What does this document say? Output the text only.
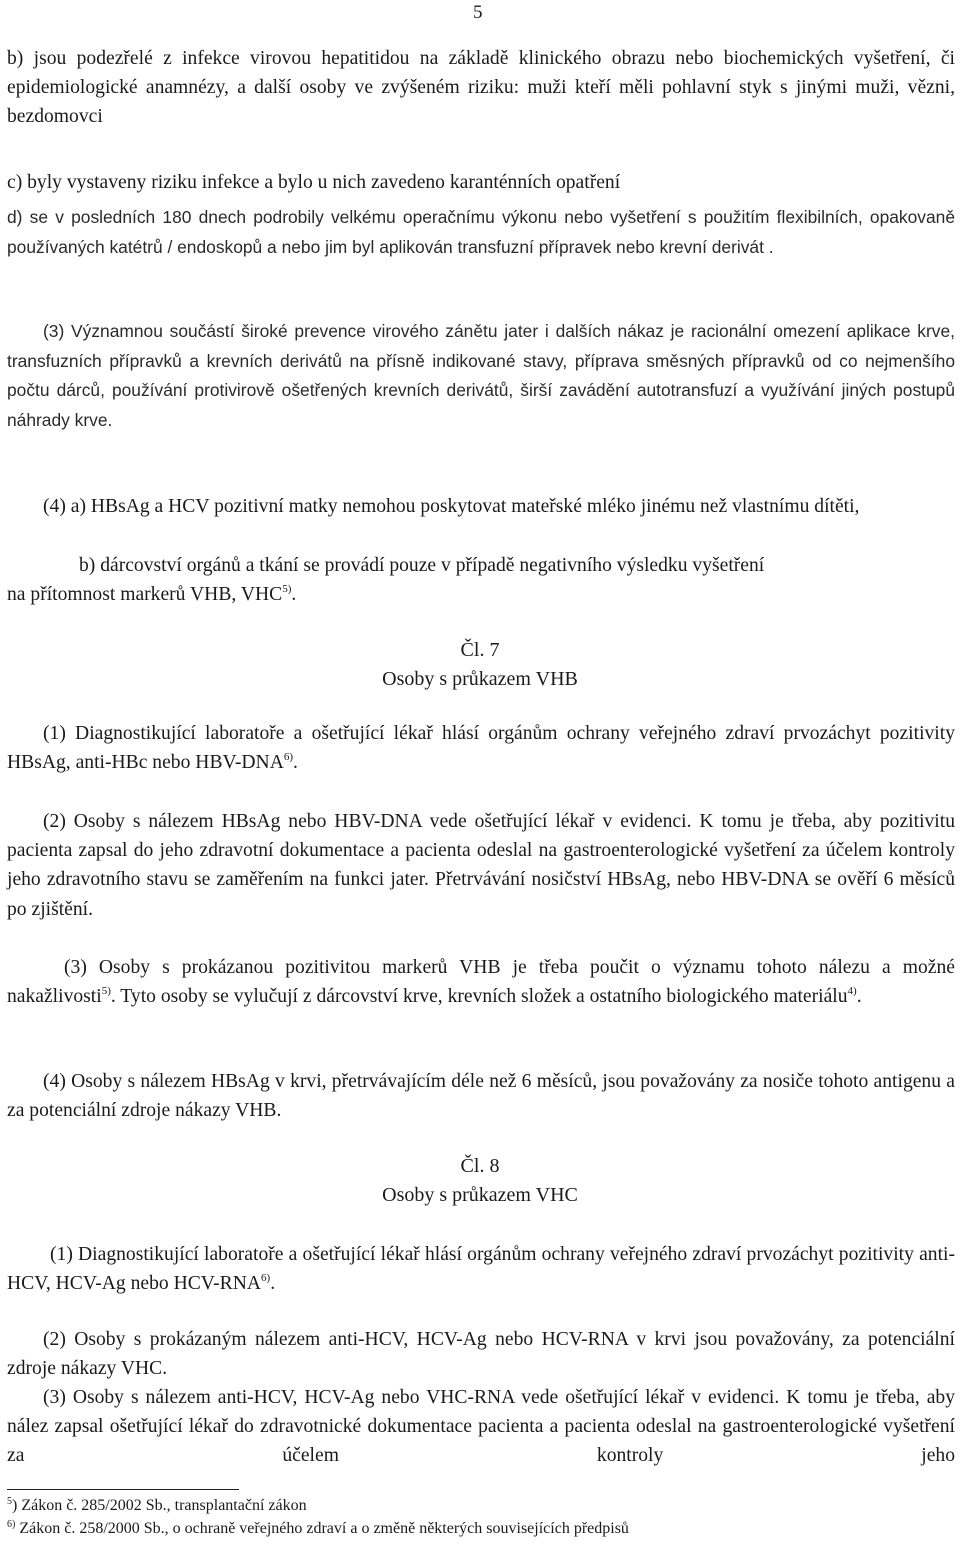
5

b) jsou podezřelé z infekce virovou hepatitidou na základě klinického obrazu nebo biochemických vyšetření, či epidemiologické anamnézy, a další osoby ve zvýšeném riziku: muži kteří měli pohlavní styk s jinými muži, vězni, bezdomovci

c) byly vystaveny riziku infekce a bylo u nich zavedeno karanténních opatření

d) se v posledních 180 dnech podrobily velkému operačnímu výkonu nebo vyšetření s použitím flexibilních, opakovaně používaných katétrů / endoskopů a nebo jim byl aplikován transfuzní přípravek nebo krevní derivát .

(3) Významnou součástí široké prevence virového zánětu jater i dalších nákaz je racionální omezení aplikace krve, transfuzních přípravků a krevních derivátů na přísně indikované stavy, příprava směsných přípravků od co nejmenšího počtu dárců, používání protivirově ošetřených krevních derivátů, širší zavádění autotransfuzí a využívání jiných postupů náhrady krve.

(4) a) HBsAg a HCV pozitivní matky nemohou poskytovat mateřské mléko jinému než vlastnímu dítěti,

b) dárcovství orgánů a tkání se provádí pouze v případě negativního výsledku vyšetření

na přítomnost markerů VHB, VHC$^{5)}$.

Čl. 7
Osoby s průkazem VHB

(1) Diagnostikující laboratoře a ošetřující lékař hlásí orgánům ochrany veřejného zdraví prvozáchyt pozitivity HBsAg, anti-HBc nebo HBV-DNA$^{6)}$.

(2) Osoby s nálezem HBsAg nebo HBV-DNA vede ošetřující lékař v evidenci. K tomu je třeba, aby pozitivitu pacienta zapsal do jeho zdravotní dokumentace a pacienta odeslal na gastroenterologické vyšetření za účelem kontroly jeho zdravotního stavu se zaměřením na funkci jater. Přetrvávání nosičství HBsAg, nebo HBV-DNA se ověří 6 měsíců po zjištění.

(3) Osoby s prokázanou pozitivitou markerů VHB je třeba poučit o významu tohoto nálezu a možné nakažlivosti$^{5)}$. Tyto osoby se vylučují z dárcovství krve, krevních složek a ostatního biologického materiálu$^{4)}$.

(4) Osoby s nálezem HBsAg v krvi, přetrvávajícím déle než 6 měsíců, jsou považovány za nosiče tohoto antigenu a za potenciální zdroje nákazy VHB.

Čl. 8
Osoby s průkazem VHC

(1) Diagnostikující laboratoře a ošetřující lékař hlásí orgánům ochrany veřejného zdraví prvozáchyt pozitivity anti-HCV, HCV-Ag nebo HCV-RNA$^{6)}$.

(2) Osoby s prokázaným nálezem anti-HCV, HCV-Ag nebo HCV-RNA v krvi jsou považovány, za potenciální zdroje nákazy VHC.

(3) Osoby s nálezem anti-HCV, HCV-Ag nebo VHC-RNA vede ošetřující lékař v evidenci. K tomu je třeba, aby nález zapsal ošetřující lékař do zdravotnické dokumentace pacienta a pacienta odeslal na gastroenterologické vyšetření za účelem kontroly jeho

$^5$) Zákon č. 285/2002 Sb., transplantační zákon
$^{6)}$ Zákon č. 258/2000 Sb., o ochraně veřejného zdraví a o změně některých souvisejících předpisů
